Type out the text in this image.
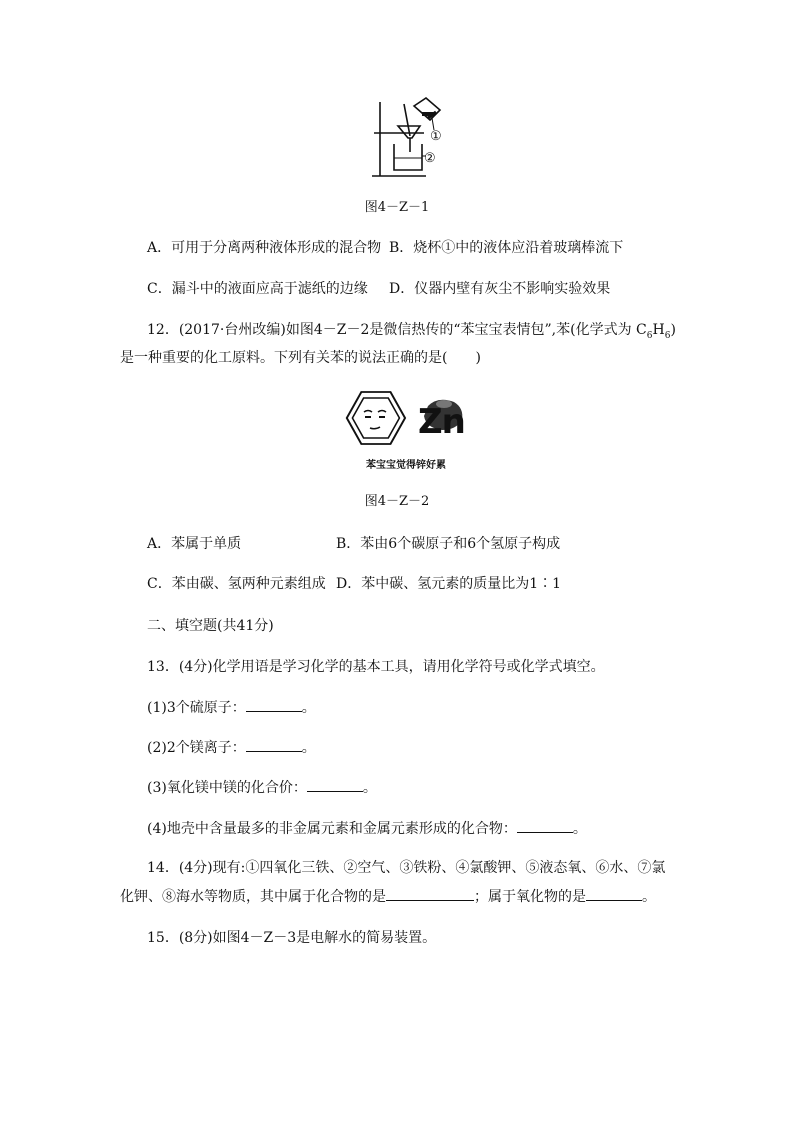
①
②
图4－Z－1
A．可用于分离两种液体形成的混合物 B．烧杯①中的液体应沿着玻璃棒流下
C．漏斗中的液面应高于滤纸的边缘 D．仪器内壁有灰尘不影响实验效果
12．(2017·台州改编)如图4－Z－2是微信热传的“苯宝宝表情包”,苯(化学式为 $C_6H_6$)
是一种重要的化工原料。下列有关苯的说法正确的是(　　)
Zn
苯宝宝觉得锌好累
图4－Z－2
A．苯属于单质	B．苯由6个碳原子和6个氢原子构成
C．苯由碳、氢两种元素组成 D．苯中碳、氢元素的质量比为1∶1
二、填空题(共41分)
13．(4分)化学用语是学习化学的基本工具，请用化学符号或化学式填空。
(1)3个硫原子：	。
(2)2个镁离子：	。
(3)氧化镁中镁的化合价：	。
(4)地壳中含量最多的非金属元素和金属元素形成的化合物：	。
14．(4分)现有:①四氧化三铁、②空气、③铁粉、④氯酸钾、⑤液态氧、⑥水、⑦氯
化钾、⑧海水等物质，其中属于化合物的是	；属于氧化物的是	。
15．(8分)如图4－Z－3是电解水的简易装置。
